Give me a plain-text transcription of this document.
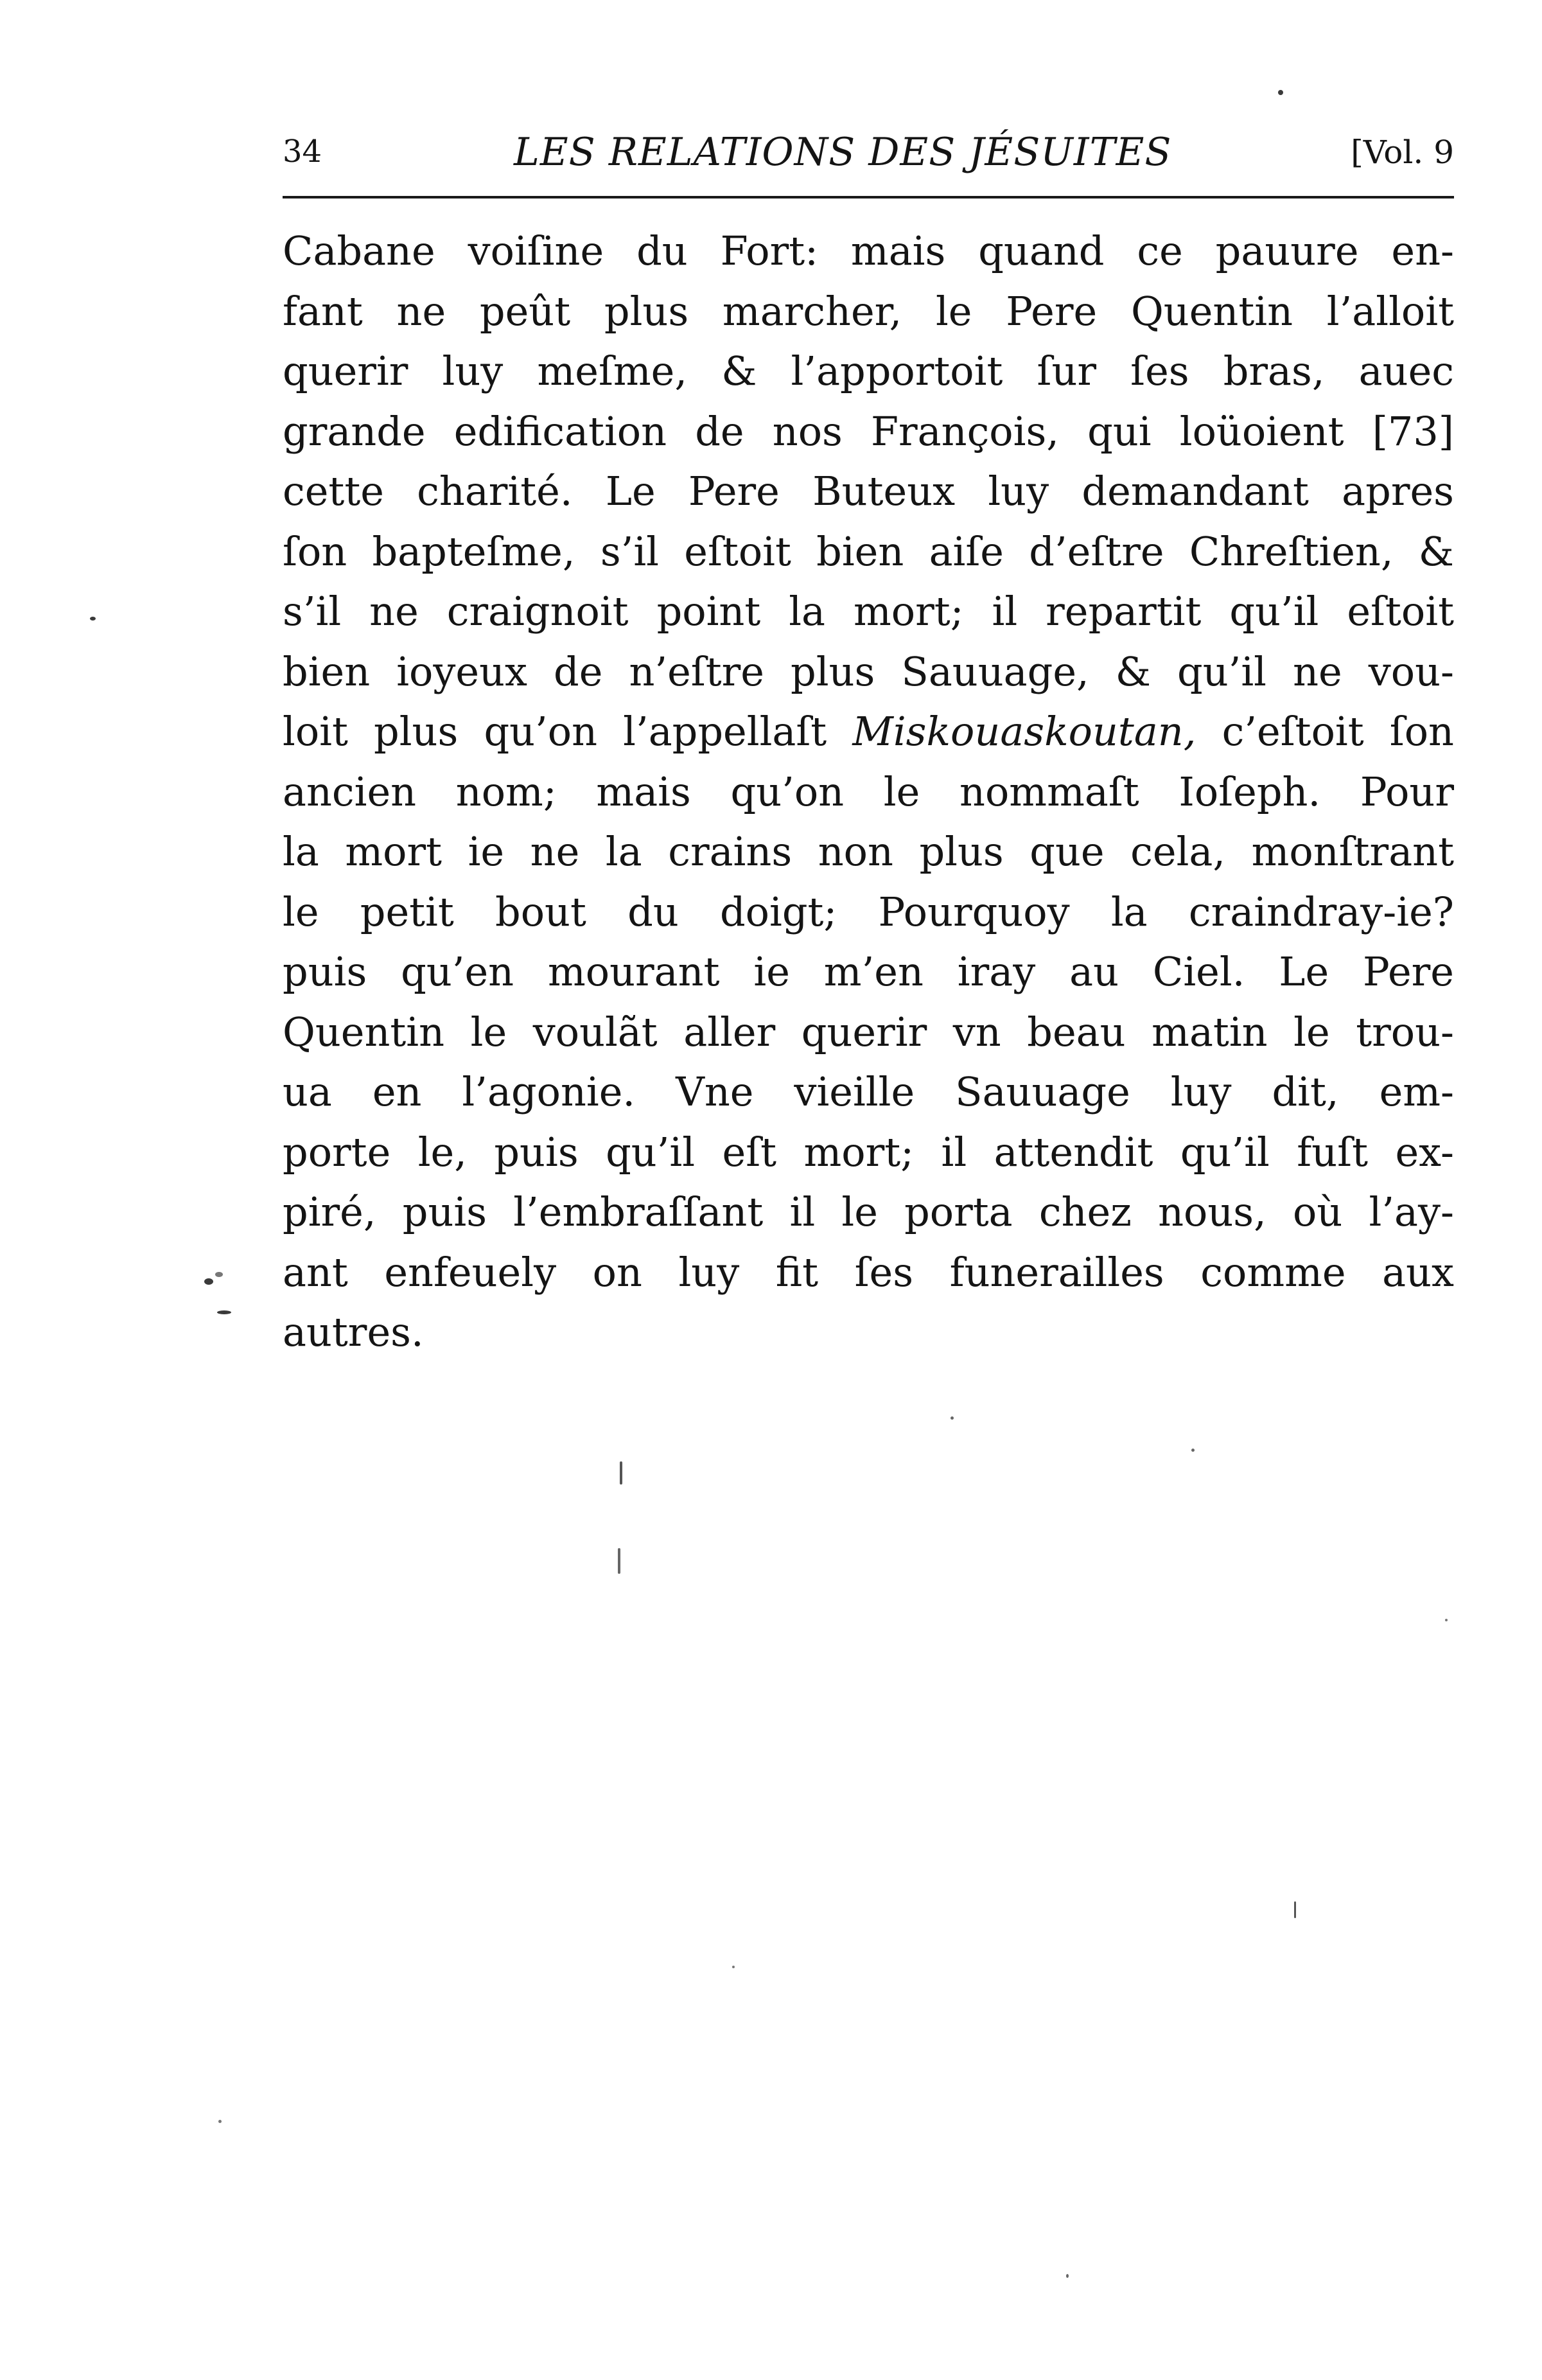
34	LES RELATIONS DES JÉSUITES	[Vol. 9
Cabane voiſine du Fort: mais quand ce pauure en-
fant ne peût plus marcher, le Pere Quentin l’alloit
querir luy meſme, & l’apportoit ſur ſes bras, auec
grande edification de nos François, qui loüoient [73]
cette charité. Le Pere Buteux luy demandant apres
ſon bapteſme, s’il eſtoit bien aiſe d’eſtre Chreſtien, &
s’il ne craignoit point la mort; il repartit qu’il eſtoit
bien ioyeux de n’eſtre plus Sauuage, & qu’il ne vou-
loit plus qu’on l’appellaſt Miskouaskoutan, c’eſtoit ſon
ancien nom; mais qu’on le nommaſt Ioſeph. Pour
la mort ie ne la crains non plus que cela, monſtrant
le petit bout du doigt; Pourquoy la craindray-ie?
puis qu’en mourant ie m’en iray au Ciel. Le Pere
Quentin le voulãt aller querir vn beau matin le trou-
ua en l’agonie. Vne vieille Sauuage luy dit, em-
porte le, puis qu’il eſt mort; il attendit qu’il fuſt ex-
piré, puis l’embraſſant il le porta chez nous, où l’ay-
ant enfeuely on luy fit ſes funerailles comme aux
autres.
